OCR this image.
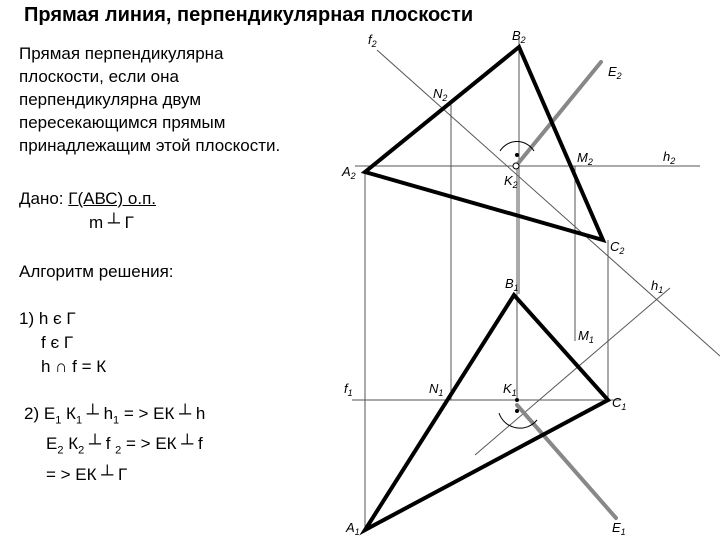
Прямая линия, перпендикулярная плоскости
Прямая перпендикулярна
плоскости, если она
перпендикулярна двум
пересекающимся прямым
принадлежащим этой плоскости.
Дано: Г(АВС) о.п.
m ┴ Г
Алгоритм решения:
1) h є Г
f є Г
h ∩ f = К
2) $Е_1$ $К_1$ ┴ $h_1$ = > ЕК ┴ h
$Е_2$ $К_2$ ┴ f $_2$ = > ЕК ┴ f
= > ЕК ┴ Г
$f_2$
$B_2$
$E_2$
$N_2$
$h_2$
$M_2$
$A_2$	$K_2$
$C_2$
$B_1$	$h_1$
$M_1$
$f_1$	$N_1$	$K_1$
$C_1$
$A_1$	$E_1$
